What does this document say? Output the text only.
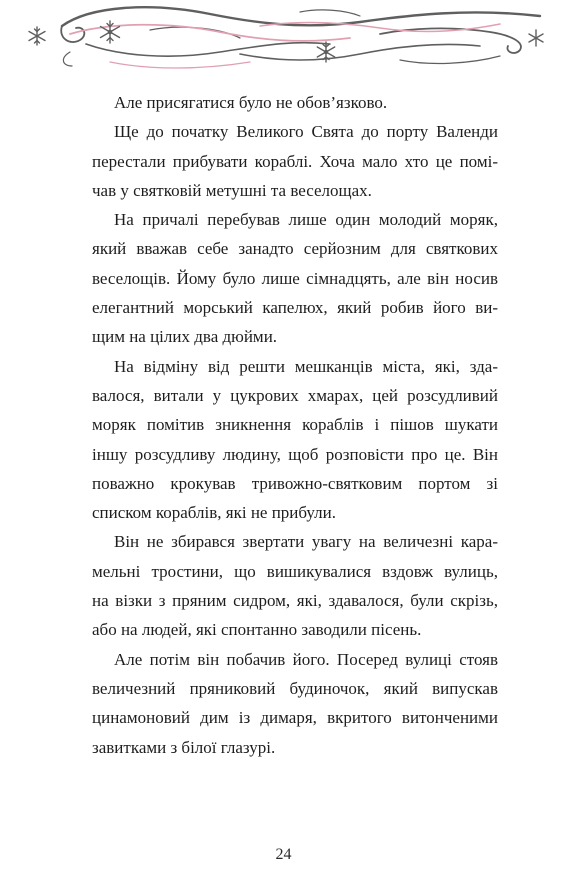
Але присягатися було не обов’язково.
Ще до початку Великого Свята до порту Валенди
перестали прибувати кораблі. Хоча мало хто це помі-
чав у святковій метушні та веселощах.
На причалі перебував лише один молодий моряк,
який вважав себе занадто серйозним для святкових
веселощів. Йому було лише сімнадцять, але він носив
елегантний морський капелюх, який робив його ви-
щим на цілих два дюйми.
На відміну від решти мешканців міста, які, зда-
валося, витали у цукрових хмарах, цей розсудливий
моряк помітив зникнення кораблів і пішов шукати
іншу розсудливу людину, щоб розповісти про це. Він
поважно крокував тривожно-святковим портом зі
списком кораблів, які не прибули.
Він не збирався звертати увагу на величезні кара-
мельні тростини, що вишикувалися вздовж вулиць,
на візки з пряним сидром, які, здавалося, були скрізь,
або на людей, які спонтанно заводили пісень.
Але потім він побачив його. Посеред вулиці стояв
величезний пряниковий будиночок, який випускав
цинамоновий дим із димаря, вкритого витонченими
завитками з білої глазурі.
24
